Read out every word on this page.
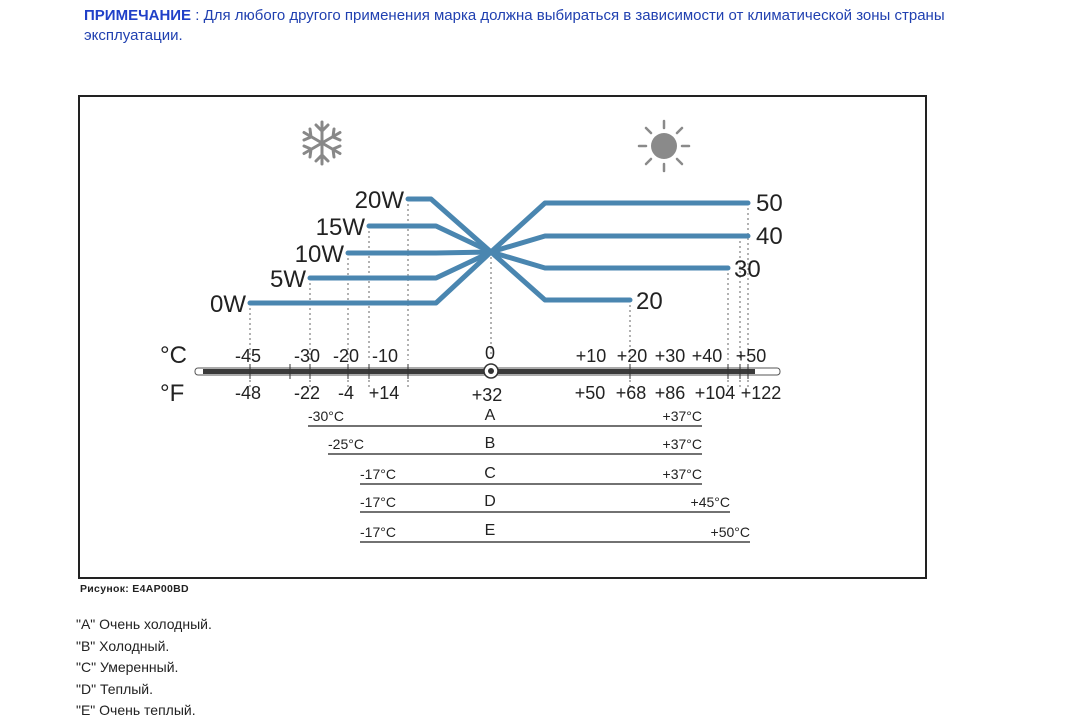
ПРИМЕЧАНИЕ : Для любого другого применения марка должна выбираться в зависимости от климатической зоны страны эксплуатации.
20W
15W
10W
5W
0W
50
40
30
20
°C
°F
-45 -30 -20 -10	0	+10 +20 +30 +40 +50
-48 -22 -4 +14	+32	+50 +68 +86 +104 +122
-30°C	A	+37°C
-25°C	B	+37°C
-17°C	C	+37°C
-17°C	D	+45°C
-17°C	E	+50°C
Рисунок: E4AP00BD
"A" Очень холодный.
"B" Холодный.
"C" Умеренный.
"D" Теплый.
"E" Очень теплый.
